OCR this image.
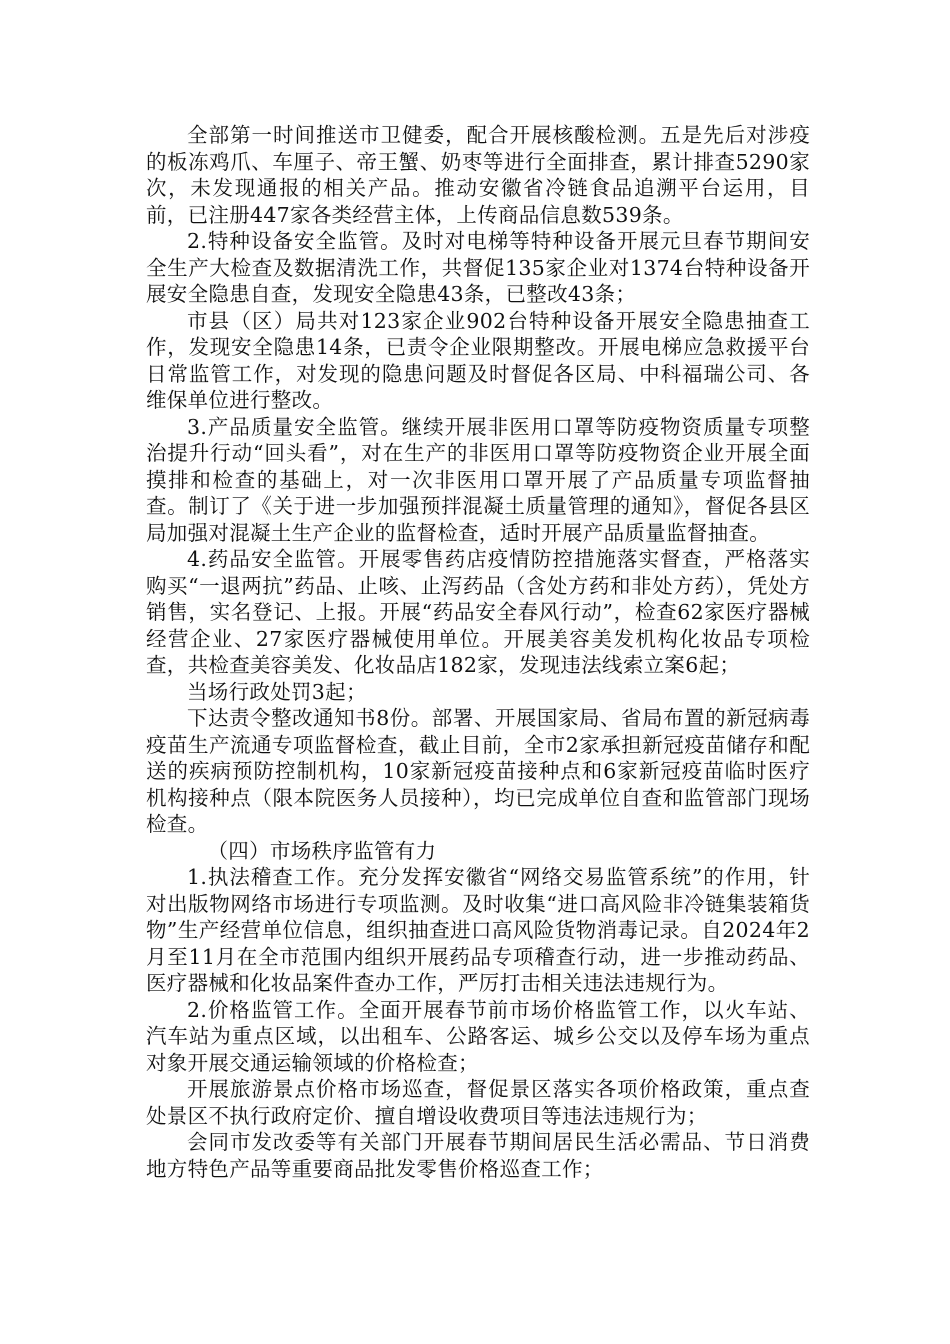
全部第一时间推送市卫健委，配合开展核酸检测。五是先后对涉疫的板冻鸡爪、车厘子、帝王蟹、奶枣等进行全面排查，累计排查5290家次，未发现通报的相关产品。推动安徽省冷链食品追溯平台运用，目前，已注册447家各类经营主体，上传商品信息数539条。

2.特种设备安全监管。及时对电梯等特种设备开展元旦春节期间安全生产大检查及数据清洗工作，共督促135家企业对1374台特种设备开展安全隐患自查，发现安全隐患43条，已整改43条；

市县（区）局共对123家企业902台特种设备开展安全隐患抽查工作，发现安全隐患14条，已责令企业限期整改。开展电梯应急救援平台日常监管工作，对发现的隐患问题及时督促各区局、中科福瑞公司、各维保单位进行整改。

3.产品质量安全监管。继续开展非医用口罩等防疫物资质量专项整治提升行动“回头看”，对在生产的非医用口罩等防疫物资企业开展全面摸排和检查的基础上，对一次非医用口罩开展了产品质量专项监督抽查。制订了《关于进一步加强预拌混凝土质量管理的通知》，督促各县区局加强对混凝土生产企业的监督检查，适时开展产品质量监督抽查。

4.药品安全监管。开展零售药店疫情防控措施落实督查，严格落实购买“一退两抗”药品、止咳、止泻药品（含处方药和非处方药），凭处方销售，实名登记、上报。开展“药品安全春风行动”，检查62家医疗器械经营企业、27家医疗器械使用单位。开展美容美发机构化妆品专项检查，共检查美容美发、化妆品店182家，发现违法线索立案6起；

当场行政处罚3起；

下达责令整改通知书8份。部署、开展国家局、省局布置的新冠病毒疫苗生产流通专项监督检查，截止目前，全市2家承担新冠疫苗储存和配送的疾病预防控制机构，10家新冠疫苗接种点和6家新冠疫苗临时医疗机构接种点（限本院医务人员接种），均已完成单位自查和监管部门现场检查。

（四）市场秩序监管有力

1.执法稽查工作。充分发挥安徽省“网络交易监管系统”的作用，针对出版物网络市场进行专项监测。及时收集“进口高风险非冷链集装箱货物”生产经营单位信息，组织抽查进口高风险货物消毒记录。自2024年2月至11月在全市范围内组织开展药品专项稽查行动，进一步推动药品、医疗器械和化妆品案件查办工作，严厉打击相关违法违规行为。

2.价格监管工作。全面开展春节前市场价格监管工作，以火车站、汽车站为重点区域，以出租车、公路客运、城乡公交以及停车场为重点对象开展交通运输领域的价格检查；

开展旅游景点价格市场巡查，督促景区落实各项价格政策，重点查处景区不执行政府定价、擅自增设收费项目等违法违规行为；

会同市发改委等有关部门开展春节期间居民生活必需品、节日消费地方特色产品等重要商品批发零售价格巡查工作；
